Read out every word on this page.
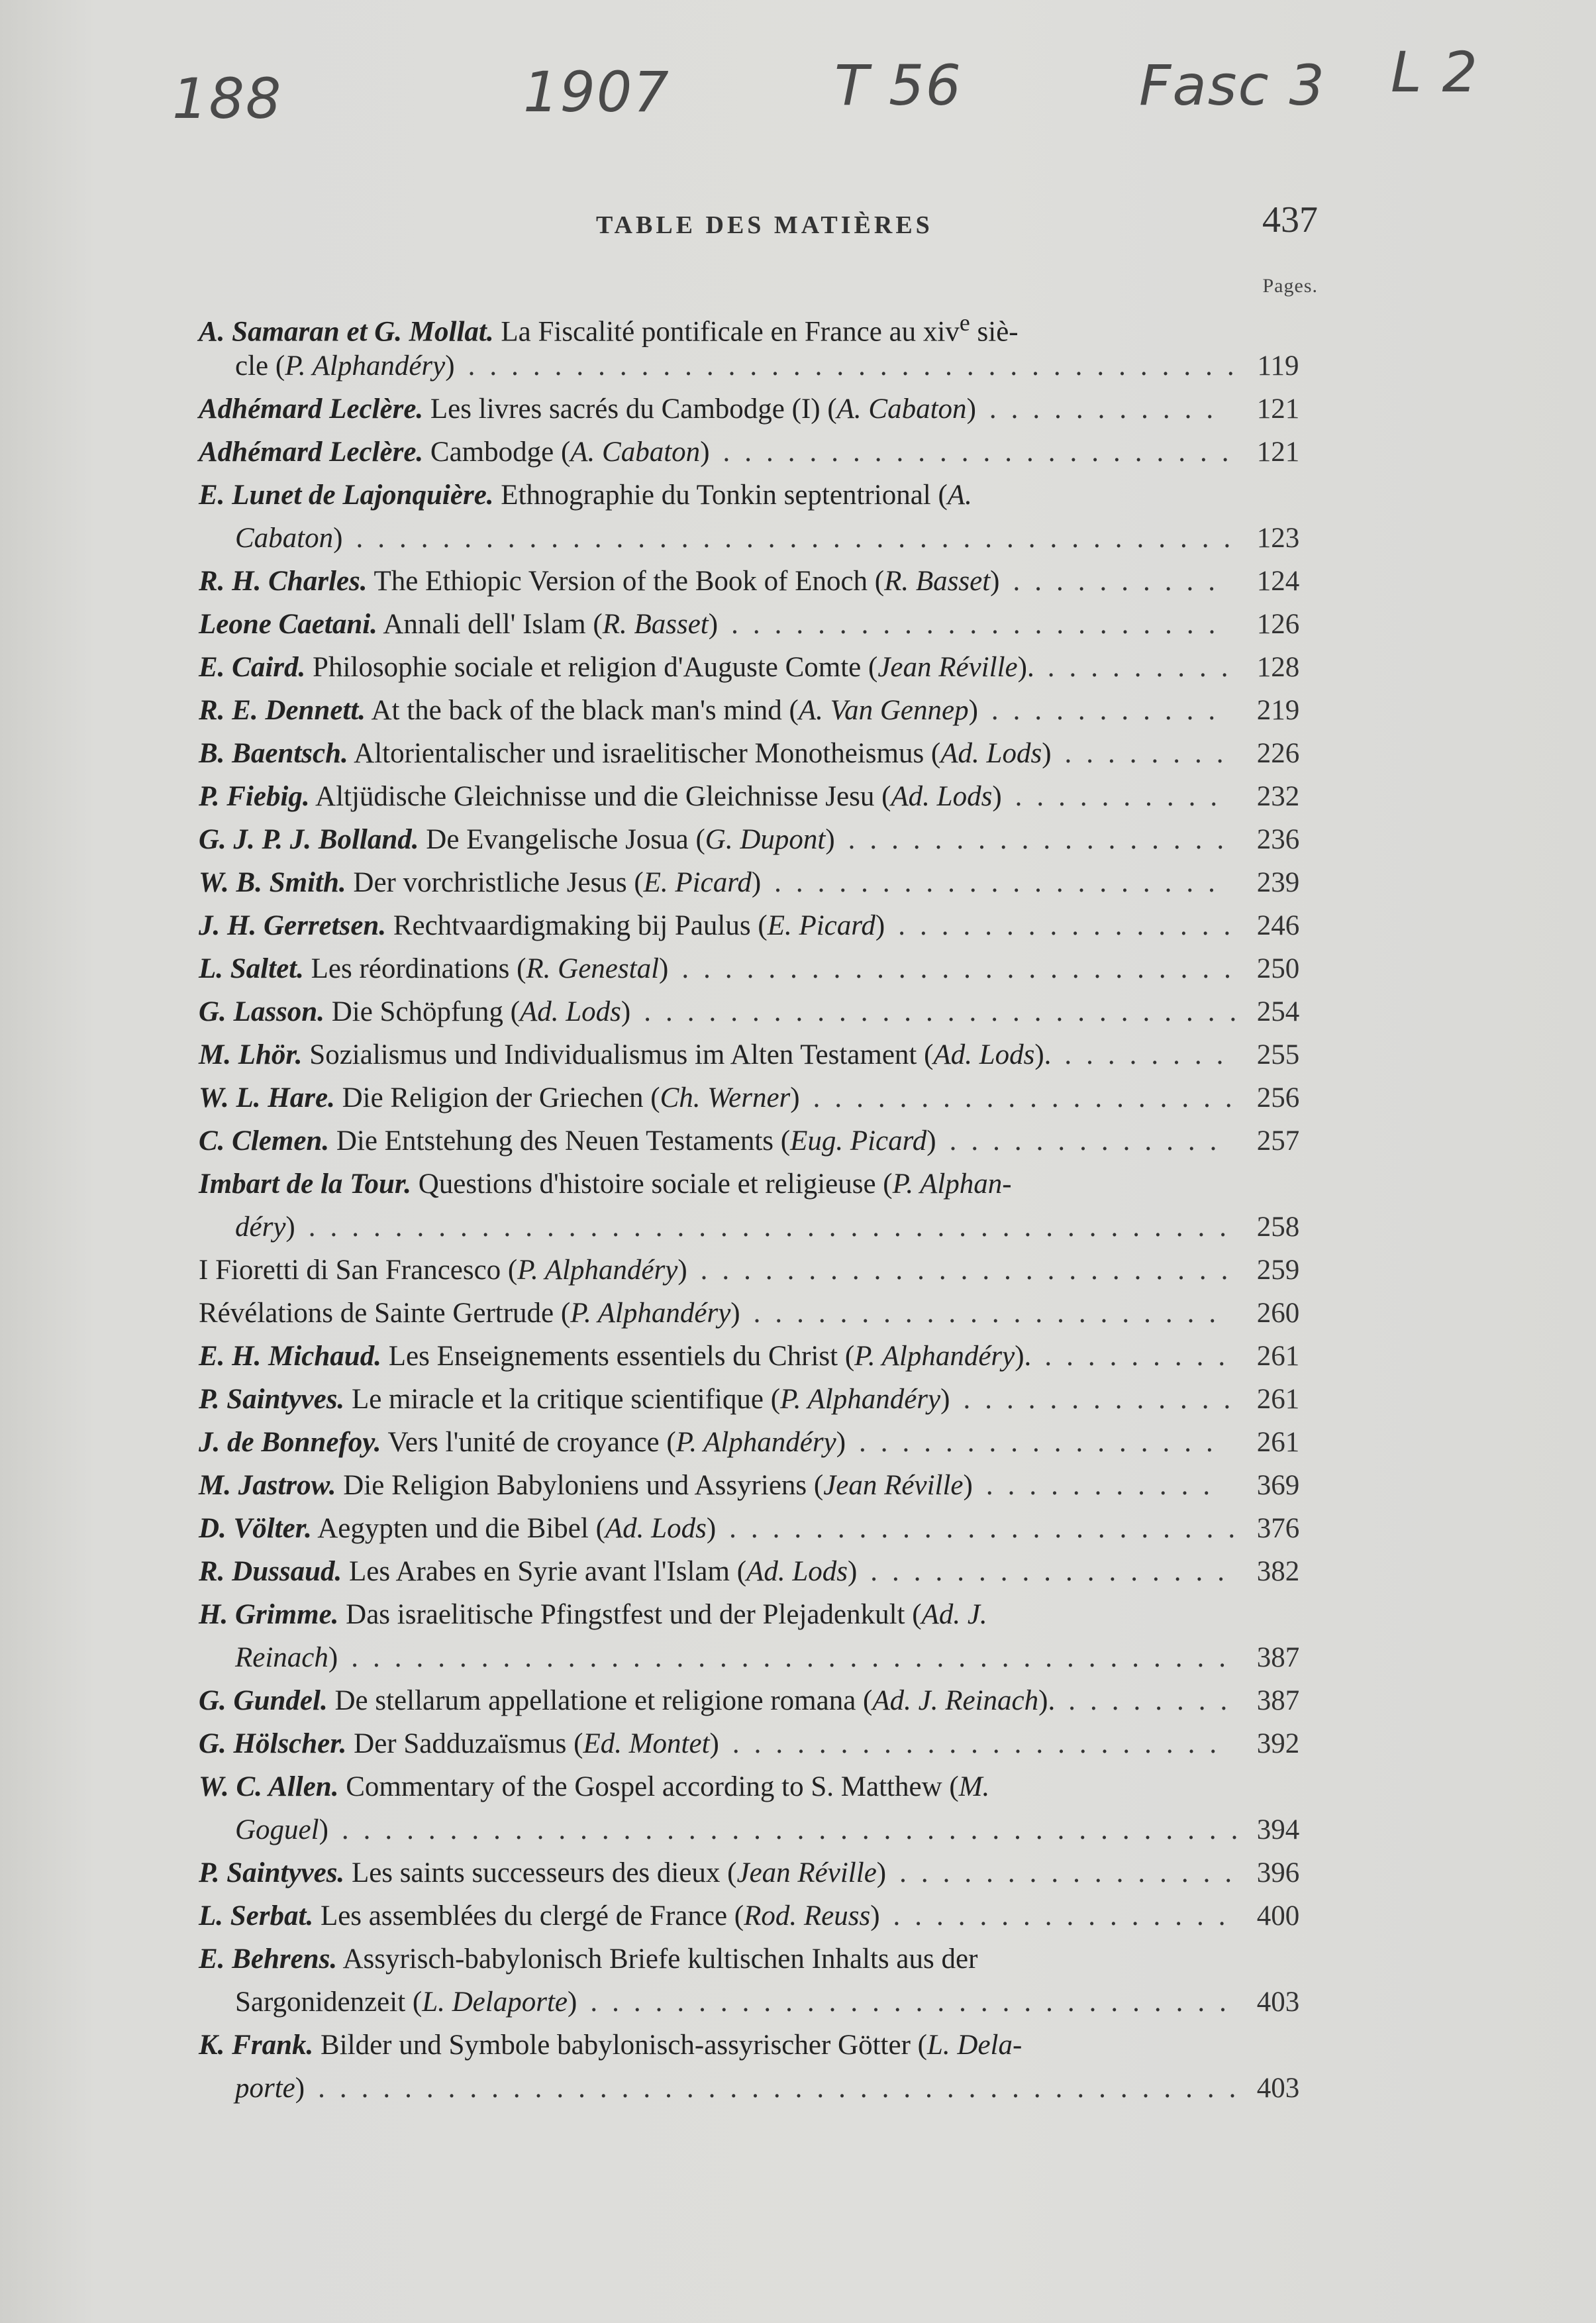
188	1907	T 56	Fasc 3 L 2
TABLE DES MATIÈRES	437
Pages.
A. Samaran et G. Mollat. La Fiscalité pontificale en France au xiv$^e$ siè-
cle (P. Alphandéry)	119
....................................
Adhémard Leclère. Les livres sacrés du Cambodge (I) (A. Cabaton)	121
...........
Adhémard Leclère. Cambodge (A. Cabaton)	121
........................
E. Lunet de Lajonquière. Ethnographie du Tonkin septentrional (A.
Cabaton)	123
.........................................
R. H. Charles. The Ethiopic Version of the Book of Enoch (R. Basset)	124
..........
Leone Caetani. Annali dell' Islam (R. Basset)	126
.......................
E. Caird. Philosophie sociale et religion d'Auguste Comte (Jean Réville).	128
.........
R. E. Dennett. At the back of the black man's mind (A. Van Gennep)	219
...........
B. Baentsch. Altorientalischer und israelitischer Monotheismus (Ad. Lods)	226
........
P. Fiebig. Altjüdische Gleichnisse und die Gleichnisse Jesu (Ad. Lods)	232
..........
G. J. P. J. Bolland. De Evangelische Josua (G. Dupont)	236
..................
W. B. Smith. Der vorchristliche Jesus (E. Picard)	239
.....................
J. H. Gerretsen. Rechtvaardigmaking bij Paulus (E. Picard)	246
................
L. Saltet. Les réordinations (R. Genestal)	250
..........................
G. Lasson. Die Schöpfung (Ad. Lods)	254
............................
M. Lhör. Sozialismus und Individualismus im Alten Testament (Ad. Lods).	255
........
W. L. Hare. Die Religion der Griechen (Ch. Werner)	256
....................
C. Clemen. Die Entstehung des Neuen Testaments (Eug. Picard)	257
.............
Imbart de la Tour. Questions d'histoire sociale et religieuse (P. Alphan-
déry)	258
...........................................
I Fioretti di San Francesco (P. Alphandéry)	259
.........................
Révélations de Sainte Gertrude (P. Alphandéry)	260
......................
E. H. Michaud. Les Enseignements essentiels du Christ (P. Alphandéry).	261
.........
P. Saintyves. Le miracle et la critique scientifique (P. Alphandéry)	261
.............
J. de Bonnefoy. Vers l'unité de croyance (P. Alphandéry)	261
.................
M. Jastrow. Die Religion Babyloniens und Assyriens (Jean Réville)	369
...........
D. Völter. Aegypten und die Bibel (Ad. Lods)	376
........................
R. Dussaud. Les Arabes en Syrie avant l'Islam (Ad. Lods)	382
.................
H. Grimme. Das israelitische Pfingstfest und der Plejadenkult (Ad. J.
Reinach)	387
.........................................
G. Gundel. De stellarum appellatione et religione romana (Ad. J. Reinach).	387
........
G. Hölscher. Der Sadduzaïsmus (Ed. Montet)	392
.......................
W. C. Allen. Commentary of the Gospel according to S. Matthew (M.
Goguel)	394
..........................................
P. Saintyves. Les saints successeurs des dieux (Jean Réville)	396
................
L. Serbat. Les assemblées du clergé de France (Rod. Reuss)	400
................
E. Behrens. Assyrisch-babylonisch Briefe kultischen Inhalts aus der
Sargonidenzeit (L. Delaporte)	403
..............................
K. Frank. Bilder und Symbole babylonisch-assyrischer Götter (L. Dela-
porte)	403
...........................................
